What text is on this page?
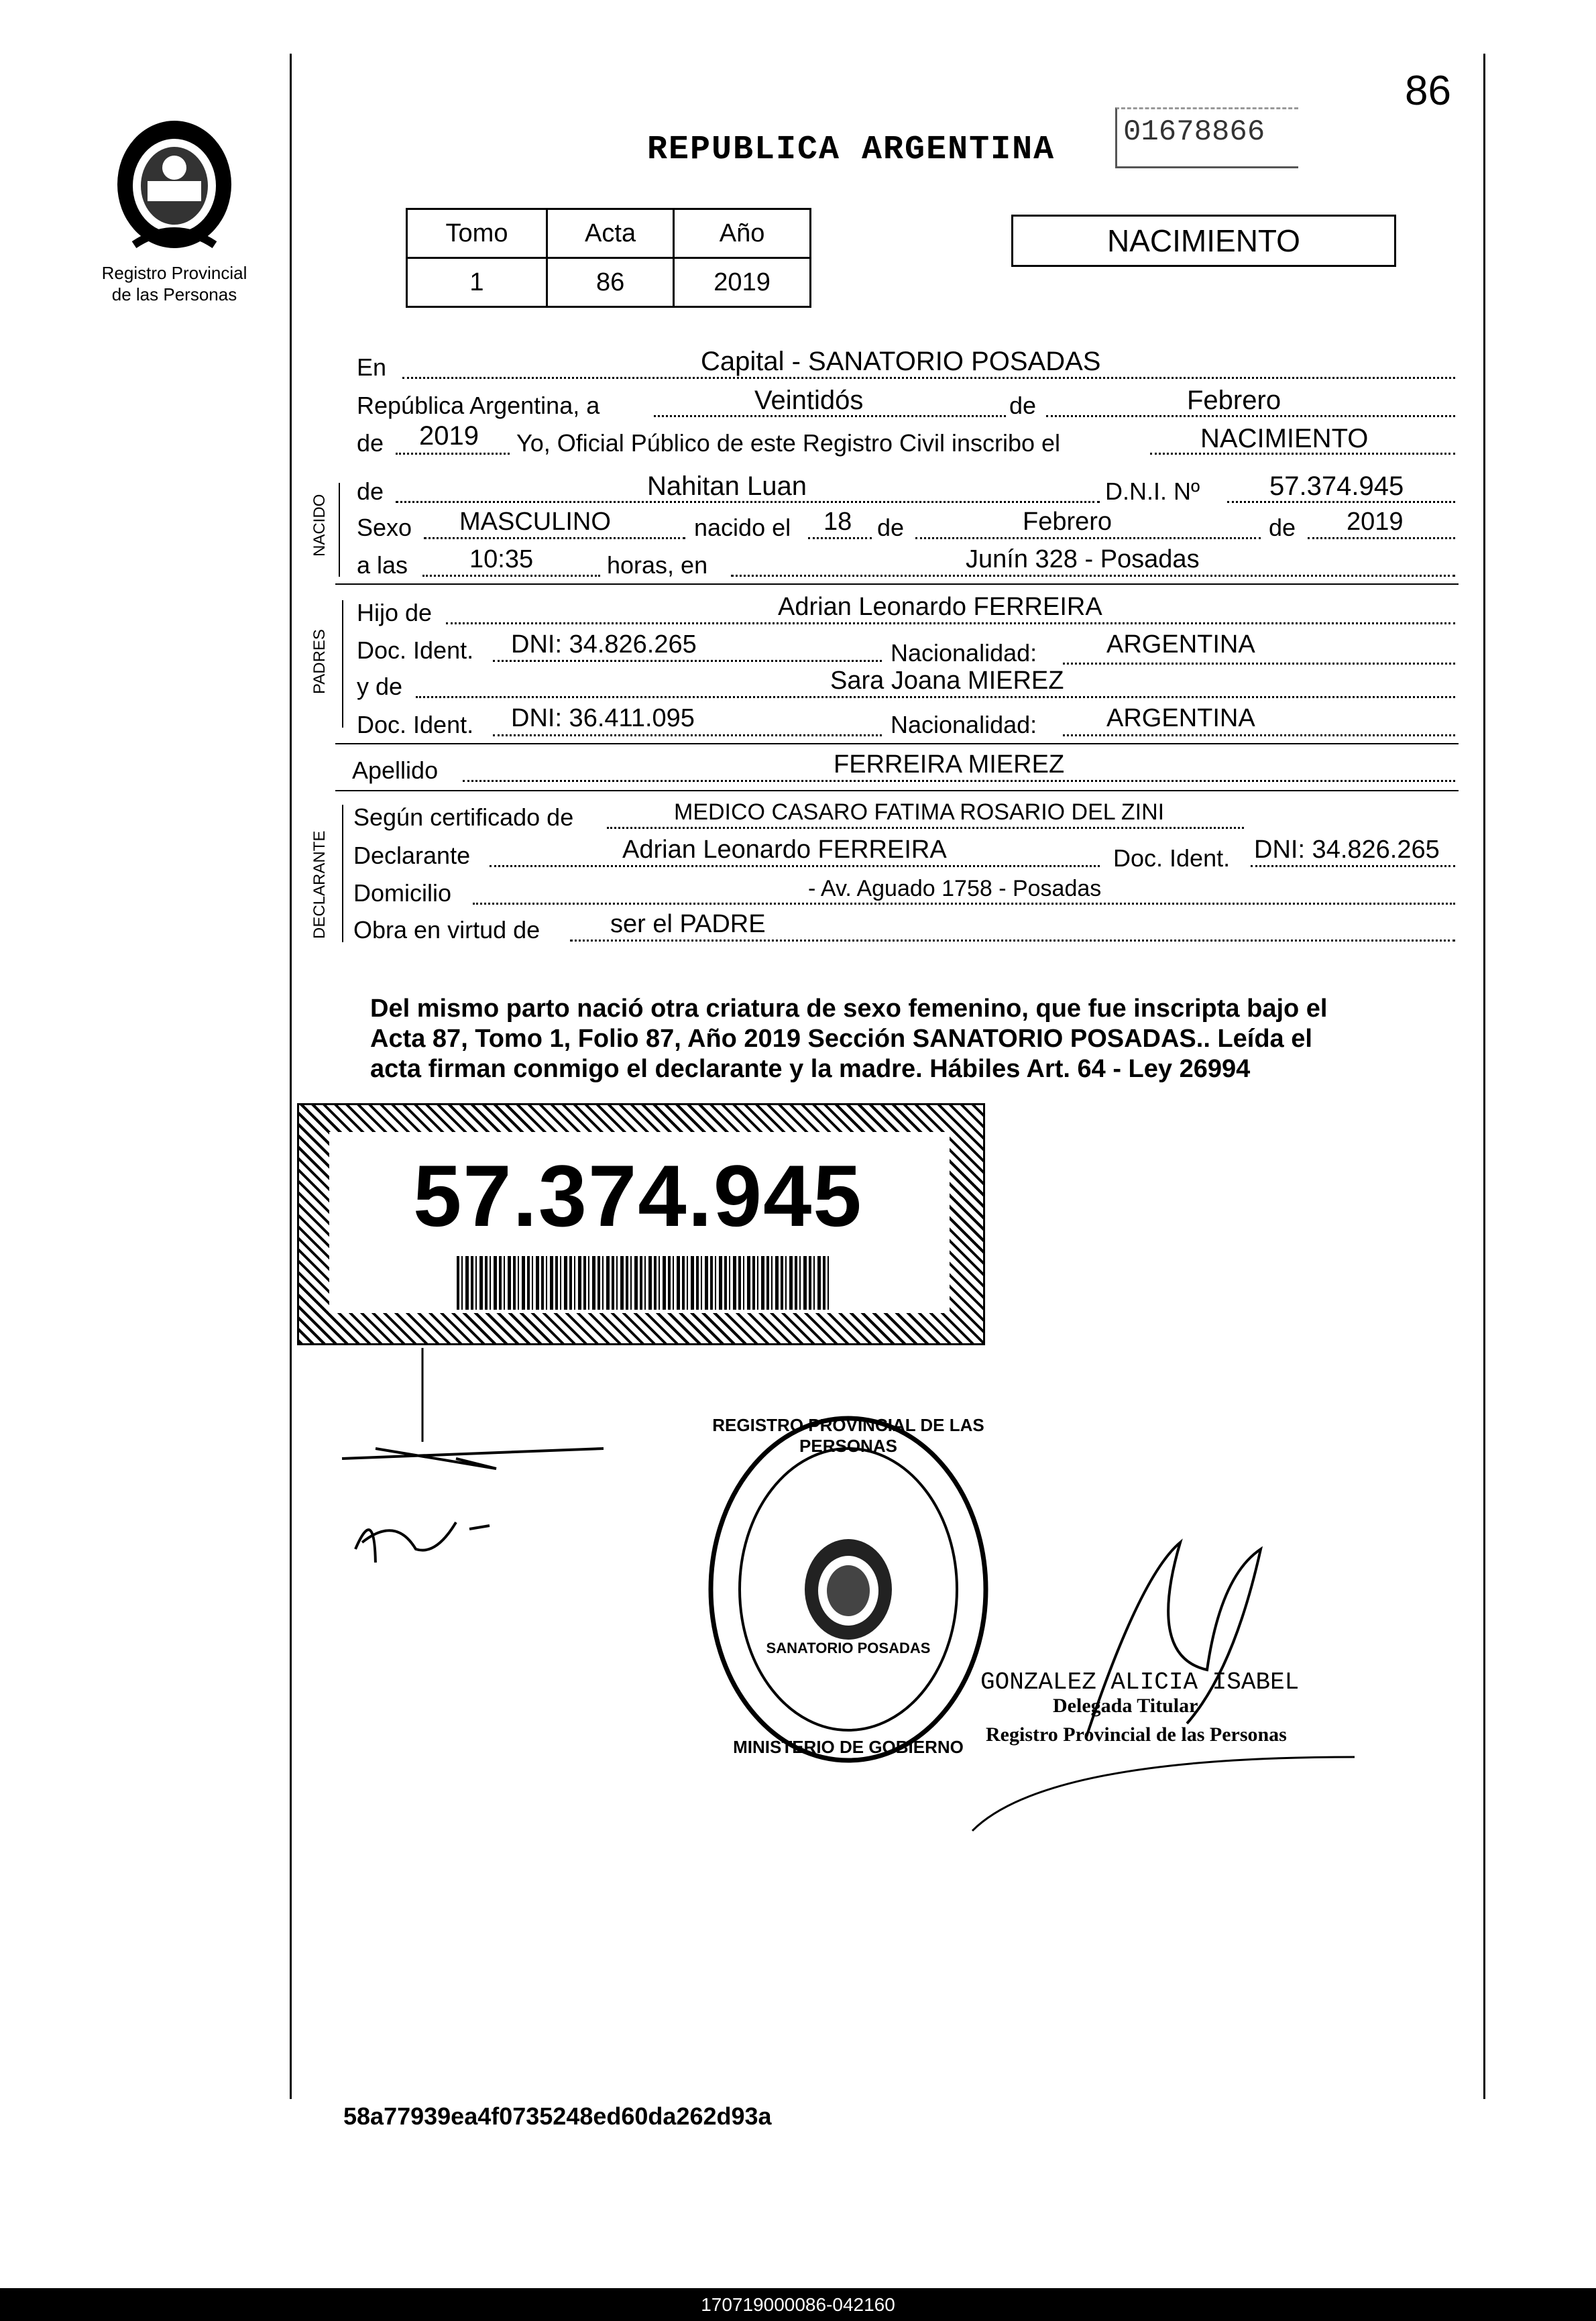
86
Registro Provincial
de las Personas
REPUBLICA ARGENTINA 01678866
Tomo	Acta	Año
1	86	2019
NACIMIENTO
En	Capital - SANATORIO POSADAS
República Argentina, a	Veintidós	de	Febrero
de 2019 Yo, Oficial Público de este Registro Civil inscribo el	NACIMIENTO
NACIDO
de	Nahitan Luan	D.N.I. Nº	57.374.945
Sexo MASCULINO	nacido el 18 de	Febrero	de 2019
a las 10:35	horas, en	Junín 328 - Posadas
PADRES
Hijo de	Adrian Leonardo FERREIRA
Doc. Ident. DNI: 34.826.265	Nacionalidad:	ARGENTINA
y de	Sara Joana MIEREZ
Doc. Ident. DNI: 36.411.095	Nacionalidad:	ARGENTINA
Apellido	FERREIRA MIEREZ
DECLARANTE
Según certificado de	MEDICO CASARO FATIMA ROSARIO DEL ZINI
Declarante	Adrian Leonardo FERREIRA	Doc. Ident. DNI: 34.826.265
Domicilio	- Av. Aguado 1758 - Posadas
Obra en virtud de	ser el PADRE
Del mismo parto nació otra criatura de sexo femenino, que fue inscripta bajo el
Acta 87, Tomo 1, Folio 87, Año 2019 Sección SANATORIO POSADAS.. Leída el
acta firman conmigo el declarante y la madre. Hábiles Art. 64 - Ley 26994
57.374.945
REGISTRO PROVINCIAL DE LAS PERSONAS
SANATORIO POSADAS
MINISTERIO DE GOBIERNO
GONZALEZ ALICIA ISABEL
Delegada Titular
Registro Provincial de las Personas
58a77939ea4f0735248ed60da262d93a
170719000086-042160
